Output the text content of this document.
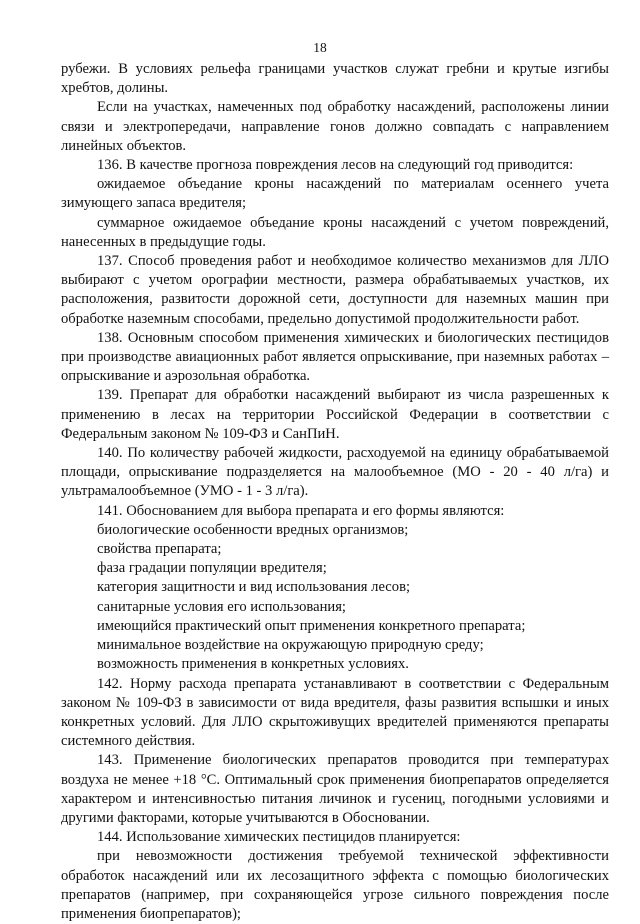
18

рубежи. В условиях рельефа границами участков служат гребни и крутые изгибы хребтов, долины.

Если на участках, намеченных под обработку насаждений, расположены линии связи и электропередачи, направление гонов должно совпадать с направлением линейных объектов.

136. В качестве прогноза повреждения лесов на следующий год приводится:

ожидаемое объедание кроны насаждений по материалам осеннего учета зимующего запаса вредителя;

суммарное ожидаемое объедание кроны насаждений с учетом повреждений, нанесенных в предыдущие годы.

137. Способ проведения работ и необходимое количество механизмов для ЛЛО выбирают с учетом орографии местности, размера обрабатываемых участков, их расположения, развитости дорожной сети, доступности для наземных машин при обработке наземным способами, предельно допустимой продолжительности работ.

138. Основным способом применения химических и биологических пестицидов при производстве авиационных работ является опрыскивание, при наземных работах – опрыскивание и аэрозольная обработка.

139. Препарат для обработки насаждений выбирают из числа разрешенных к применению в лесах на территории Российской Федерации в соответствии с Федеральным законом № 109-ФЗ и СанПиН.

140. По количеству рабочей жидкости, расходуемой на единицу обрабатываемой площади, опрыскивание подразделяется на малообъемное (МО - 20 - 40 л/га) и ультрамалообъемное (УМО - 1 - 3 л/га).

141. Обоснованием для выбора препарата и его формы являются:

биологические особенности вредных организмов;

свойства препарата;

фаза градации популяции вредителя;

категория защитности и вид использования лесов;

санитарные условия его использования;

имеющийся практический опыт применения конкретного препарата;

минимальное воздействие на окружающую природную среду;

возможность применения в конкретных условиях.

142. Норму расхода препарата устанавливают в соответствии с Федеральным законом № 109-ФЗ в зависимости от вида вредителя, фазы развития вспышки и иных конкретных условий. Для ЛЛО скрытоживущих вредителей применяются препараты системного действия.

143. Применение биологических препаратов проводится при температурах воздуха не менее +18 °С. Оптимальный срок применения биопрепаратов определяется характером и интенсивностью питания личинок и гусениц, погодными условиями и другими факторами, которые учитываются в Обосновании.

144. Использование химических пестицидов планируется:

при невозможности достижения требуемой технической эффективности обработок насаждений или их лесозащитного эффекта с помощью биологических препаратов (например, при сохраняющейся угрозе сильного повреждения после применения биопрепаратов);
